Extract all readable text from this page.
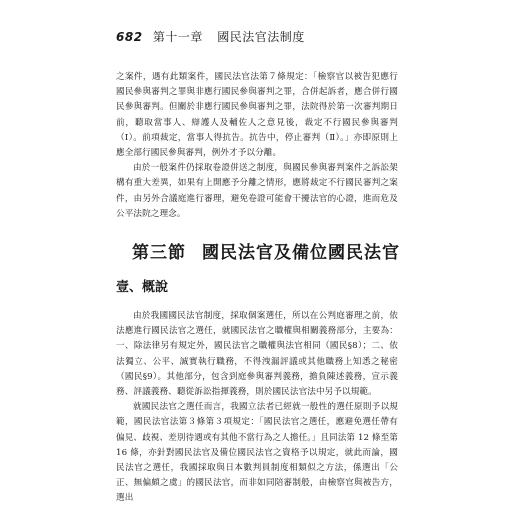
682 第十一章 國民法官法制度

之案件，遇有此類案件，國民法官法第７條規定：「檢察官以被告犯應行國民參與審判之罪與非應行國民參與審判之罪，合併起訴者，應合併行國民參與審判。但關於非應行國民參與審判之罪，法院得於第一次審判期日前，聽取當事人、辯護人及輔佐人之意見後，裁定不行國民參與審判（Ⅰ）。前項裁定，當事人得抗告。抗告中，停止審判（Ⅱ）。」亦即原則上應全部行國民參與審判，例外才予以分離。

由於一般案件仍採取卷證併送之制度，與國民參與審判案件之訴訟架構有重大差異，如果有上開應予分離之情形，應將裁定不行國民審判之案件，由另外合議庭進行審理，避免卷證可能會干擾法官的心證，進而危及公平法院之理念。

第三節 國民法官及備位國民法官
壹、概說

由於我國國民法官制度，採取個案選任，所以在公判庭審理之前，依法應進行國民法官之選任，就國民法官之職權與相關義務部分，主要為：一、除法律另有規定外，國民法官之職權與法官相同（國民§8）；二、依法獨立、公平、誠實執行職務，不得洩漏評議或其他職務上知悉之秘密（國民§9）。其他部分，包含到庭參與審判義務，擔負陳述義務，宣示義務、評議義務、聽從訴訟指揮義務，則於國民法官法中另予以規範。

就國民法官之選任而言，我國立法者已經就一般性的選任原則予以規範，國民法官法第３條第３項規定：「國民法官之選任，應避免選任帶有偏見、歧視、差別待遇或有其他不當行為之人擔任。」且同法第 12 條至第 16 條，亦針對國民法官及備位國民法官之資格予以規定，就此而論，國民法官之選任，我國採取與日本數判員制度相類似之方法，係選出「公正、無偏頗之虞」的國民法官，而非如同陪審制般，由檢察官與被告方，選出
